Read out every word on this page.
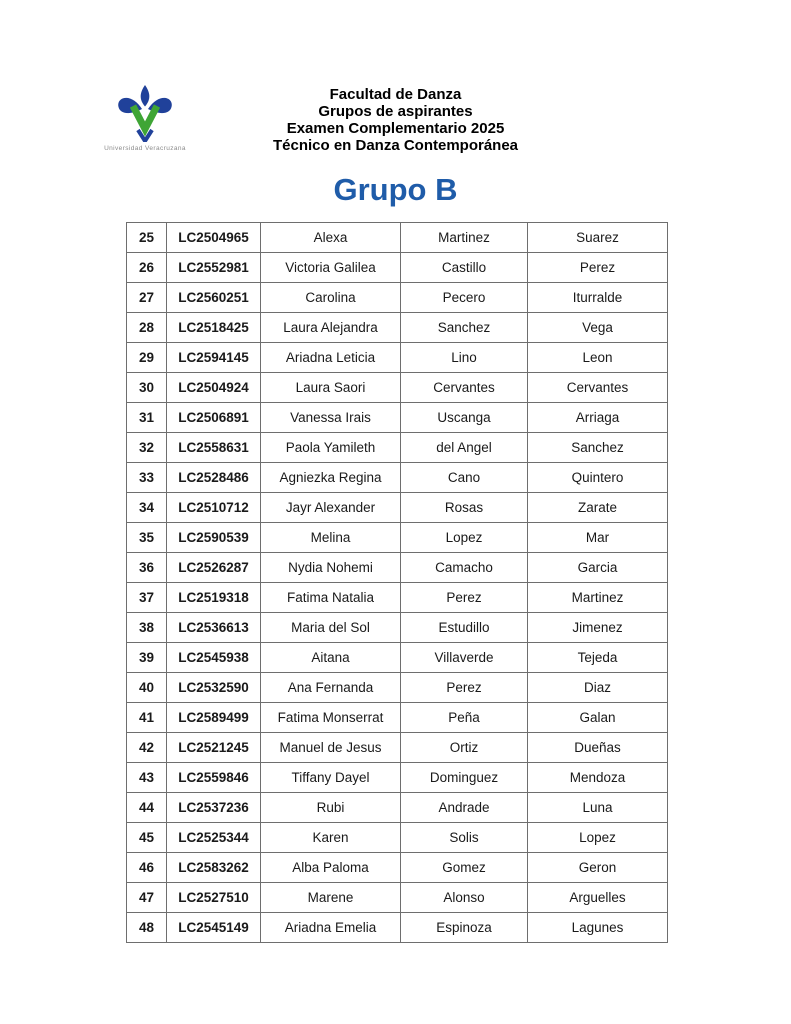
Universidad Veracruzana
Facultad de Danza
Grupos de aspirantes
Examen Complementario 2025
Técnico en Danza Contemporánea
Grupo B
25	LC2504965	Alexa	Martinez	Suarez
26	LC2552981	Victoria Galilea	Castillo	Perez
27	LC2560251	Carolina	Pecero	Iturralde
28	LC2518425	Laura Alejandra	Sanchez	Vega
29	LC2594145	Ariadna Leticia	Lino	Leon
30	LC2504924	Laura Saori	Cervantes	Cervantes
31	LC2506891	Vanessa Irais	Uscanga	Arriaga
32	LC2558631	Paola Yamileth	del Angel	Sanchez
33	LC2528486	Agniezka Regina	Cano	Quintero
34	LC2510712	Jayr Alexander	Rosas	Zarate
35	LC2590539	Melina	Lopez	Mar
36	LC2526287	Nydia Nohemi	Camacho	Garcia
37	LC2519318	Fatima Natalia	Perez	Martinez
38	LC2536613	Maria del Sol	Estudillo	Jimenez
39	LC2545938	Aitana	Villaverde	Tejeda
40	LC2532590	Ana Fernanda	Perez	Diaz
41	LC2589499	Fatima Monserrat	Peña	Galan
42	LC2521245	Manuel de Jesus	Ortiz	Dueñas
43	LC2559846	Tiffany Dayel	Dominguez	Mendoza
44	LC2537236	Rubi	Andrade	Luna
45	LC2525344	Karen	Solis	Lopez
46	LC2583262	Alba Paloma	Gomez	Geron
47	LC2527510	Marene	Alonso	Arguelles
48	LC2545149	Ariadna Emelia	Espinoza	Lagunes
